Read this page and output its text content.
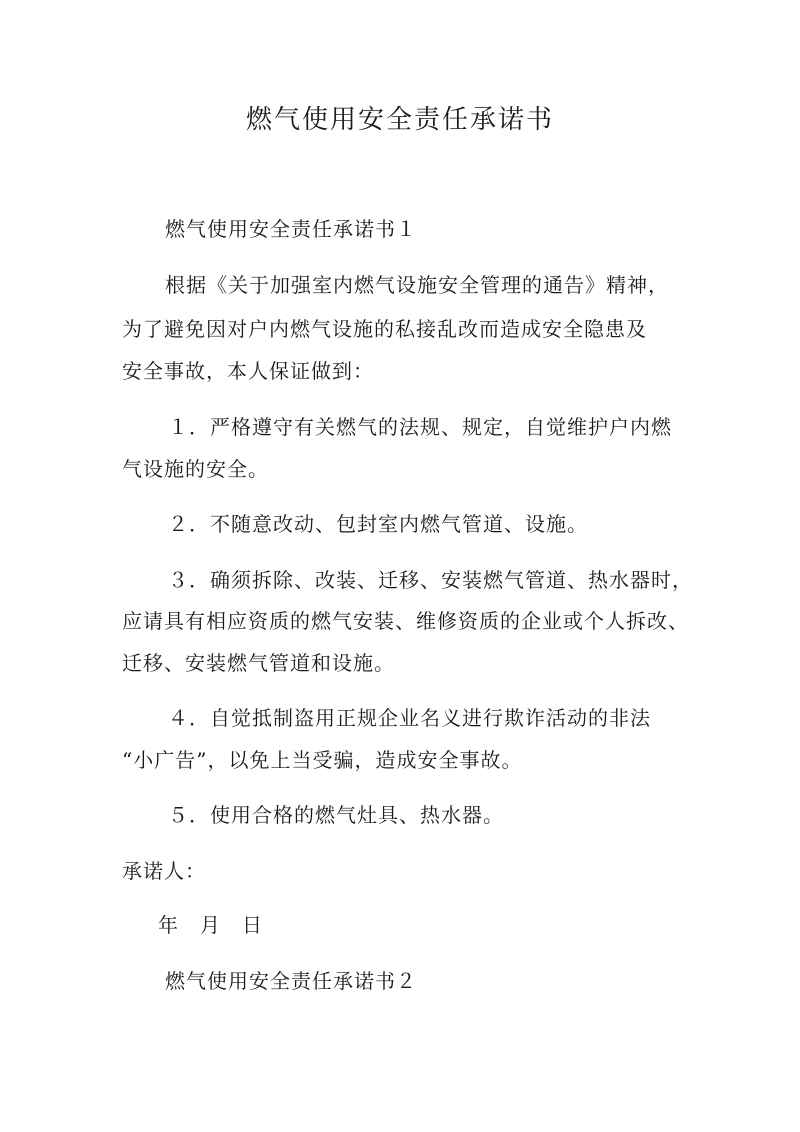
燃气使用安全责任承诺书

燃气使用安全责任承诺书１

根据《关于加强室内燃气设施安全管理的通告》精神，

为了避免因对户内燃气设施的私接乱改而造成安全隐患及

安全事故，本人保证做到：

１．严格遵守有关燃气的法规、规定，自觉维护户内燃

气设施的安全。

２．不随意改动、包封室内燃气管道、设施。

３．确须拆除、改装、迁移、安装燃气管道、热水器时，

应请具有相应资质的燃气安装、维修资质的企业或个人拆改、

迁移、安装燃气管道和设施。

４．自觉抵制盗用正规企业名义进行欺诈活动的非法

“小广告”，以免上当受骗，造成安全事故。

５．使用合格的燃气灶具、热水器。

承诺人：

年　月　日

燃气使用安全责任承诺书２
